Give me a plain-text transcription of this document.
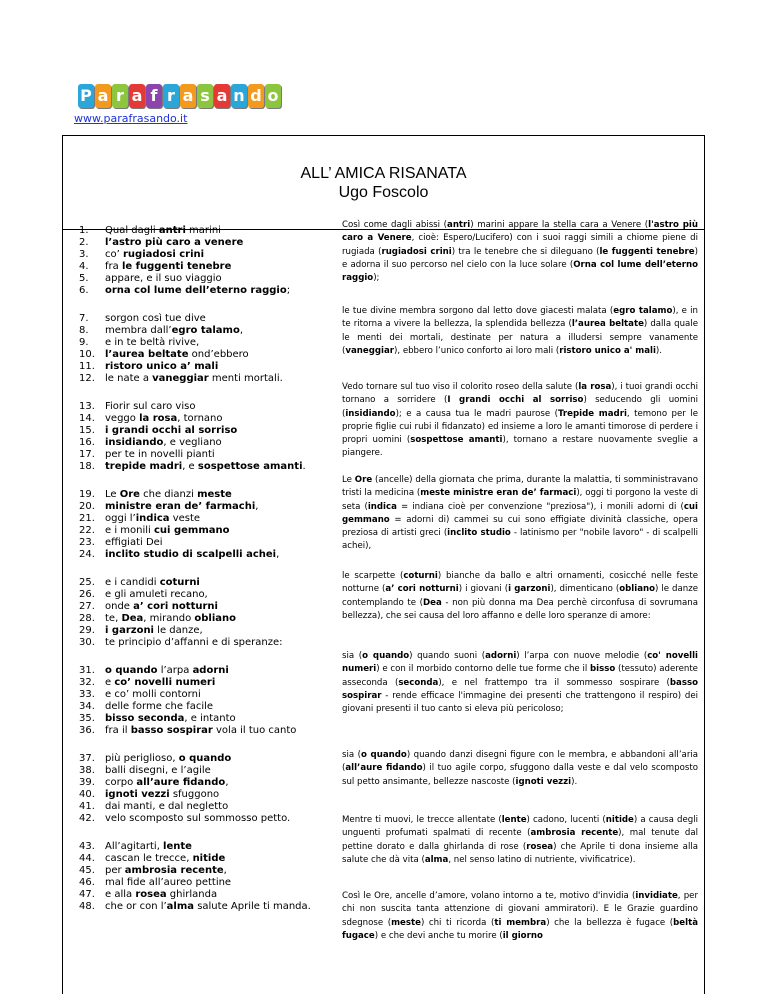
P a r a f r a s a n d o
www.parafrasando.it
ALL’ AMICA RISANATA
Ugo Foscolo
1.
2.
3.
4.
5.
6.
Qual dagli antri marini
l’astro più caro a venere
co’ rugiadosi crini
fra le fuggenti tenebre
appare, e il suo viaggio
orna col lume dell’eterno raggio;

Così come dagli abissi (antri) marini appare la stella cara a Venere (l'astro più caro a Venere, cioè: Espero/Lucifero) con i suoi raggi simili a chiome piene di rugiada (rugiadosi crini) tra le tenebre che si dileguano (le fuggenti tenebre) e adorna il suo percorso nel cielo con la luce solare (Orna col lume dell’eterno raggio);

7.
8.
9.
10.
11.
12.
sorgon così tue dive
membra dall’egro talamo,
e in te beltà rivive,
l’aurea beltate ond’ebbero
ristoro unico a’ mali
le nate a vaneggiar menti mortali.

le tue divine membra sorgono dal letto dove giacesti malata (egro talamo), e in te ritorna a vivere la bellezza, la splendida bellezza (l’aurea beltate) dalla quale le menti dei mortali, destinate per natura a illudersi sempre vanamente (vaneggiar), ebbero l’unico conforto ai loro mali (ristoro unico a' mali).

13.
14.
15.
16.
17.
18.
Fiorir sul caro viso
veggo la rosa, tornano
i grandi occhi al sorriso
insidiando, e vegliano
per te in novelli pianti
trepide madri, e sospettose amanti.

Vedo tornare sul tuo viso il colorito roseo della salute (la rosa), i tuoi grandi occhi tornano a sorridere (I grandi occhi al sorriso) seducendo gli uomini (insidiando); e a causa tua le madri paurose (Trepide madri, temono per le proprie figlie cui rubi il fidanzato) ed insieme a loro le amanti timorose di perdere i propri uomini (sospettose amanti), tornano a restare nuovamente sveglie a piangere.

19.
20.
21.
22.
23.
24.
Le Ore che dianzi meste
ministre eran de’ farmachi,
oggi l’indica veste
e i monili cui gemmano
effigiati Dei
inclito studio di scalpelli achei,

Le Ore (ancelle) della giornata che prima, durante la malattia, ti somministravano tristi la medicina (meste ministre eran de’ farmaci), oggi ti porgono la veste di seta (indica = indiana cioè per convenzione "preziosa"), i monili adorni di (cui gemmano = adorni di) cammei su cui sono effigiate divinità classiche, opera preziosa di artisti greci (inclito studio - latinismo per "nobile lavoro" - di scalpelli achei),

25.
26.
27.
28.
29.
30.
e i candidi coturni
e gli amuleti recano,
onde a’ cori notturni
te, Dea, mirando obliano
i garzoni le danze,
te principio d’affanni e di speranze:

le scarpette (coturni) bianche da ballo e altri ornamenti, cosicché nelle feste notturne (a’ cori notturni) i giovani (i garzoni), dimenticano (obliano) le danze contemplando te (Dea - non più donna ma Dea perchè circonfusa di sovrumana bellezza), che sei causa del loro affanno e delle loro speranze di amore:

31.
32.
33.
34.
35.
36.
o quando l’arpa adorni
e co’ novelli numeri
e co’ molli contorni
delle forme che facile
bisso seconda, e intanto
fra il basso sospirar vola il tuo canto

sia (o quando) quando suoni (adorni) l’arpa con nuove melodie (co' novelli numeri) e con il morbido contorno delle tue forme che il bisso (tessuto) aderente asseconda (seconda), e nel frattempo tra il sommesso sospirare (basso sospirar - rende efficace l'immagine dei presenti che trattengono il respiro) dei giovani presenti il tuo canto si eleva più pericoloso;

37.
38.
39.
40.
41.
42.
più periglioso, o quando
balli disegni, e l’agile
corpo all’aure fidando,
ignoti vezzi sfuggono
dai manti, e dal negletto
velo scomposto sul sommosso petto.

sia (o quando) quando danzi disegni figure con le membra, e abbandoni all’aria (all’aure fidando) il tuo agile corpo, sfuggono dalla veste e dal velo scomposto sul petto ansimante, bellezze nascoste (ignoti vezzi).

43.
44.
45.
46.
47.
48.
All’agitarti, lente
cascan le trecce, nitide
per ambrosia recente,
mal fide all’aureo pettine
e alla rosea ghirlanda
che or con l’alma salute Aprile ti manda.

Mentre ti muovi, le trecce allentate (lente) cadono, lucenti (nitide) a causa degli unguenti profumati spalmati di recente (ambrosia recente), mal tenute dal pettine dorato e dalla ghirlanda di rose (rosea) che Aprile ti dona insieme alla salute che dà vita (alma, nel senso latino di nutriente, vivificatrice).

Così le Ore, ancelle d’amore, volano intorno a te, motivo d'invidia (invidiate, per chi non suscita tanta attenzione di giovani ammiratori). E le Grazie guardino sdegnose (meste) chi ti ricorda (ti membra) che la bellezza è fugace (beltà fugace) e che devi anche tu morire (il giorno
